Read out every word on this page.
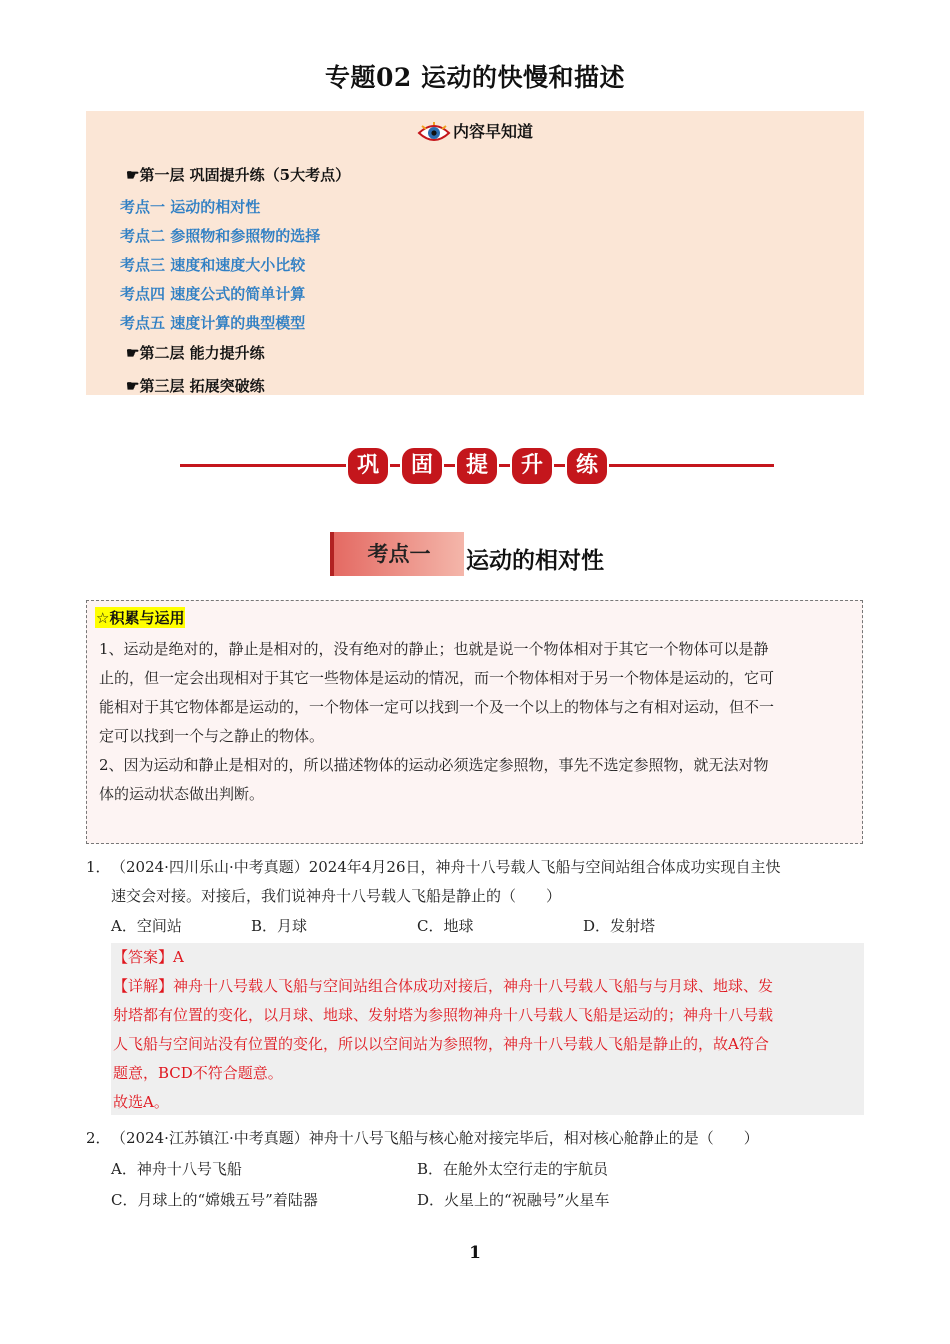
专题02 运动的快慢和描述
内容早知道
☛第一层 巩固提升练（5大考点）
考点一 运动的相对性
考点二 参照物和参照物的选择
考点三 速度和速度大小比较
考点四 速度公式的简单计算
考点五 速度计算的典型模型
☛第二层 能力提升练
☛第三层 拓展突破练
巩	固	提	升	练
考点一	运动的相对性
☆积累与运用
1、运动是绝对的，静止是相对的，没有绝对的静止；也就是说一个物体相对于其它一个物体可以是静
止的，但一定会出现相对于其它一些物体是运动的情况，而一个物体相对于另一个物体是运动的，它可
能相对于其它物体都是运动的，一个物体一定可以找到一个及一个以上的物体与之有相对运动，但不一
定可以找到一个与之静止的物体。
2、因为运动和静止是相对的，所以描述物体的运动必须选定参照物，事先不选定参照物，就无法对物
体的运动状态做出判断。
1． （2024·四川乐山·中考真题）2024年4月26日，神舟十八号载人飞船与空间站组合体成功实现自主快
速交会对接。对接后，我们说神舟十八号载人飞船是静止的（　　）
A．空间站	B．月球	C．地球	D．发射塔
【答案】A
【详解】神舟十八号载人飞船与空间站组合体成功对接后，神舟十八号载人飞船与与月球、地球、发
射塔都有位置的变化，以月球、地球、发射塔为参照物神舟十八号载人飞船是运动的；神舟十八号载
人飞船与空间站没有位置的变化，所以以空间站为参照物，神舟十八号载人飞船是静止的，故A符合
题意，BCD不符合题意。
故选A。
2． （2024·江苏镇江·中考真题）神舟十八号飞船与核心舱对接完毕后，相对核心舱静止的是（　　）
A．神舟十八号飞船	B．在舱外太空行走的宇航员
C．月球上的“嫦娥五号”着陆器	D．火星上的“祝融号”火星车
1
